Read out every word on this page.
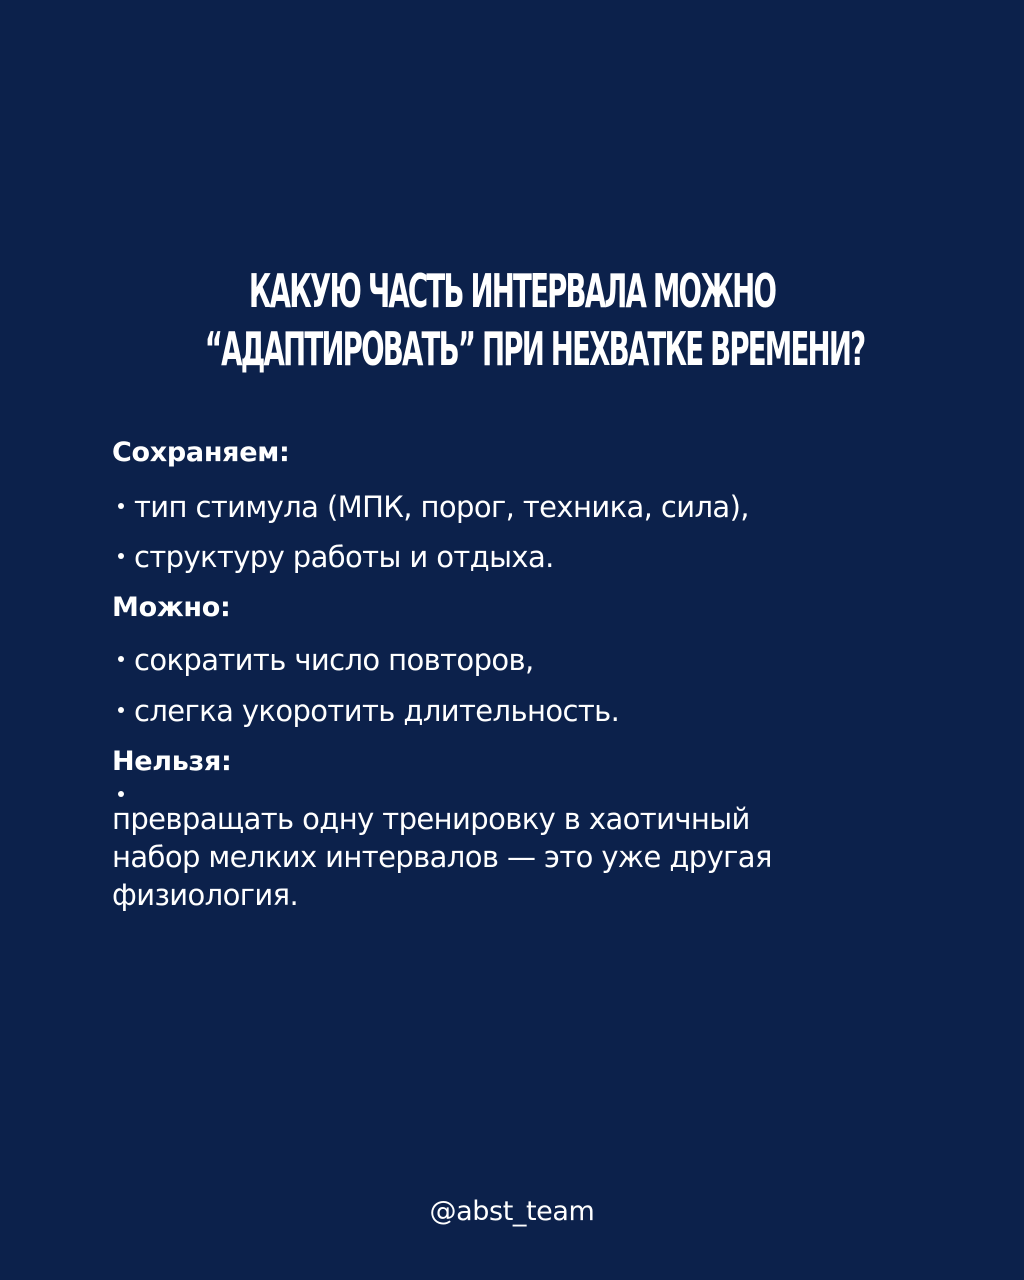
КАКУЮ ЧАСТЬ ИНТЕРВАЛА МОЖНО
“АДАПТИРОВАТЬ” ПРИ НЕХВАТКЕ ВРЕМЕНИ?
Сохраняем:
тип стимула (МПК, порог, техника, сила),
структуру работы и отдыха.
Можно:
сократить число повторов,
слегка укоротить длительность.
Нельзя:
превращать одну тренировку в хаотичный
набор мелких интервалов — это уже другая
физиология.
@abst_team
